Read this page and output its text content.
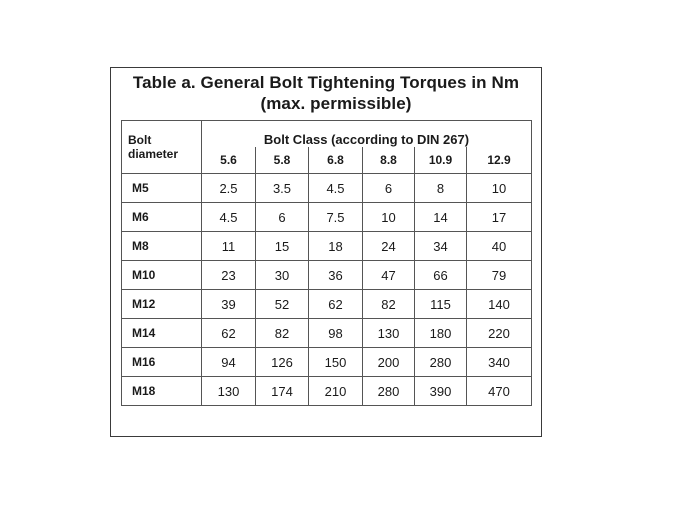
Table a. General Bolt Tightening Torques in Nm
(max. permissible)
Bolt
diameter	Bolt Class (according to DIN 267)					
	5.6	5.8	6.8	8.8	10.9	12.9
M5	2.5	3.5	4.5	6	8	10
M6	4.5	6	7.5	10	14	17
M8	11	15	18	24	34	40
M10	23	30	36	47	66	79
M12	39	52	62	82	115	140
M14	62	82	98	130	180	220
M16	94	126	150	200	280	340
M18	130	174	210	280	390	470
